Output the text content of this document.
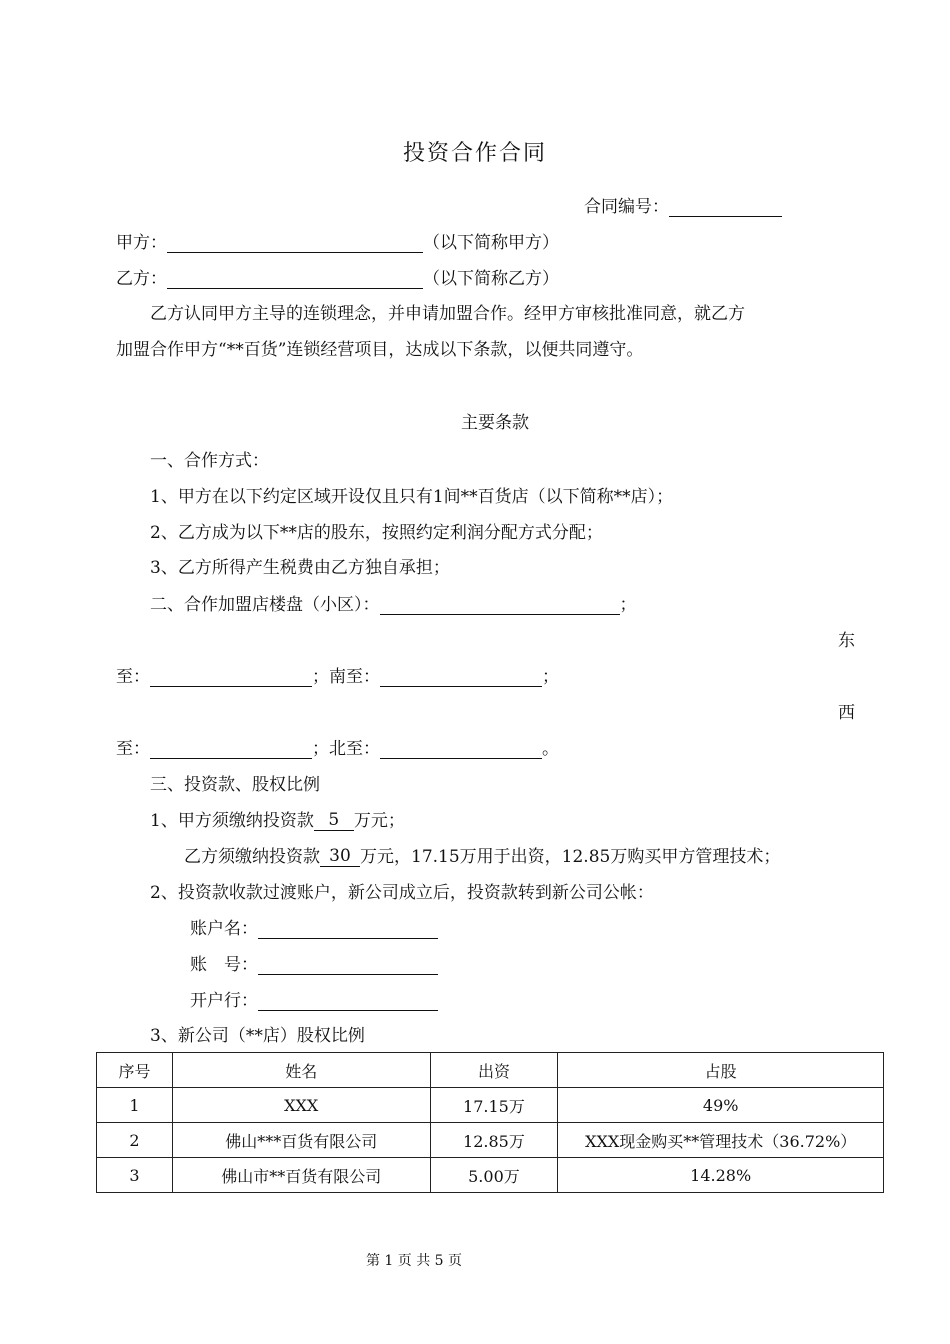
投资合作合同
合同编号：
甲方：	（以下简称甲方）
乙方：	（以下简称乙方）
乙方认同甲方主导的连锁理念，并申请加盟合作。经甲方审核批准同意，就乙方
加盟合作甲方“**百货”连锁经营项目，达成以下条款，以便共同遵守。
主要条款
一、合作方式：
1、甲方在以下约定区域开设仅且只有1间**百货店（以下简称**店）；
2、乙方成为以下**店的股东，按照约定利润分配方式分配；
3、乙方所得产生税费由乙方独自承担；
二、合作加盟店楼盘（小区）：	；
东
至：	；南至：	；
西
至：	；北至：	。
三、投资款、股权比例
1、甲方须缴纳投资款 5 万元；
乙方须缴纳投资款 30 万元，17.15万用于出资，12.85万购买甲方管理技术；
2、投资款收款过渡账户，新公司成立后，投资款转到新公司公帐：
账户名：
账　号：
开户行：
3、新公司（**店）股权比例
序号	姓名	出资	占股
1	XXX	17.15万	49%
2	佛山***百货有限公司	12.85万	XXX现金购买**管理技术（36.72%）
3	佛山市**百货有限公司	5.00万	14.28%
第 1 页 共 5 页
